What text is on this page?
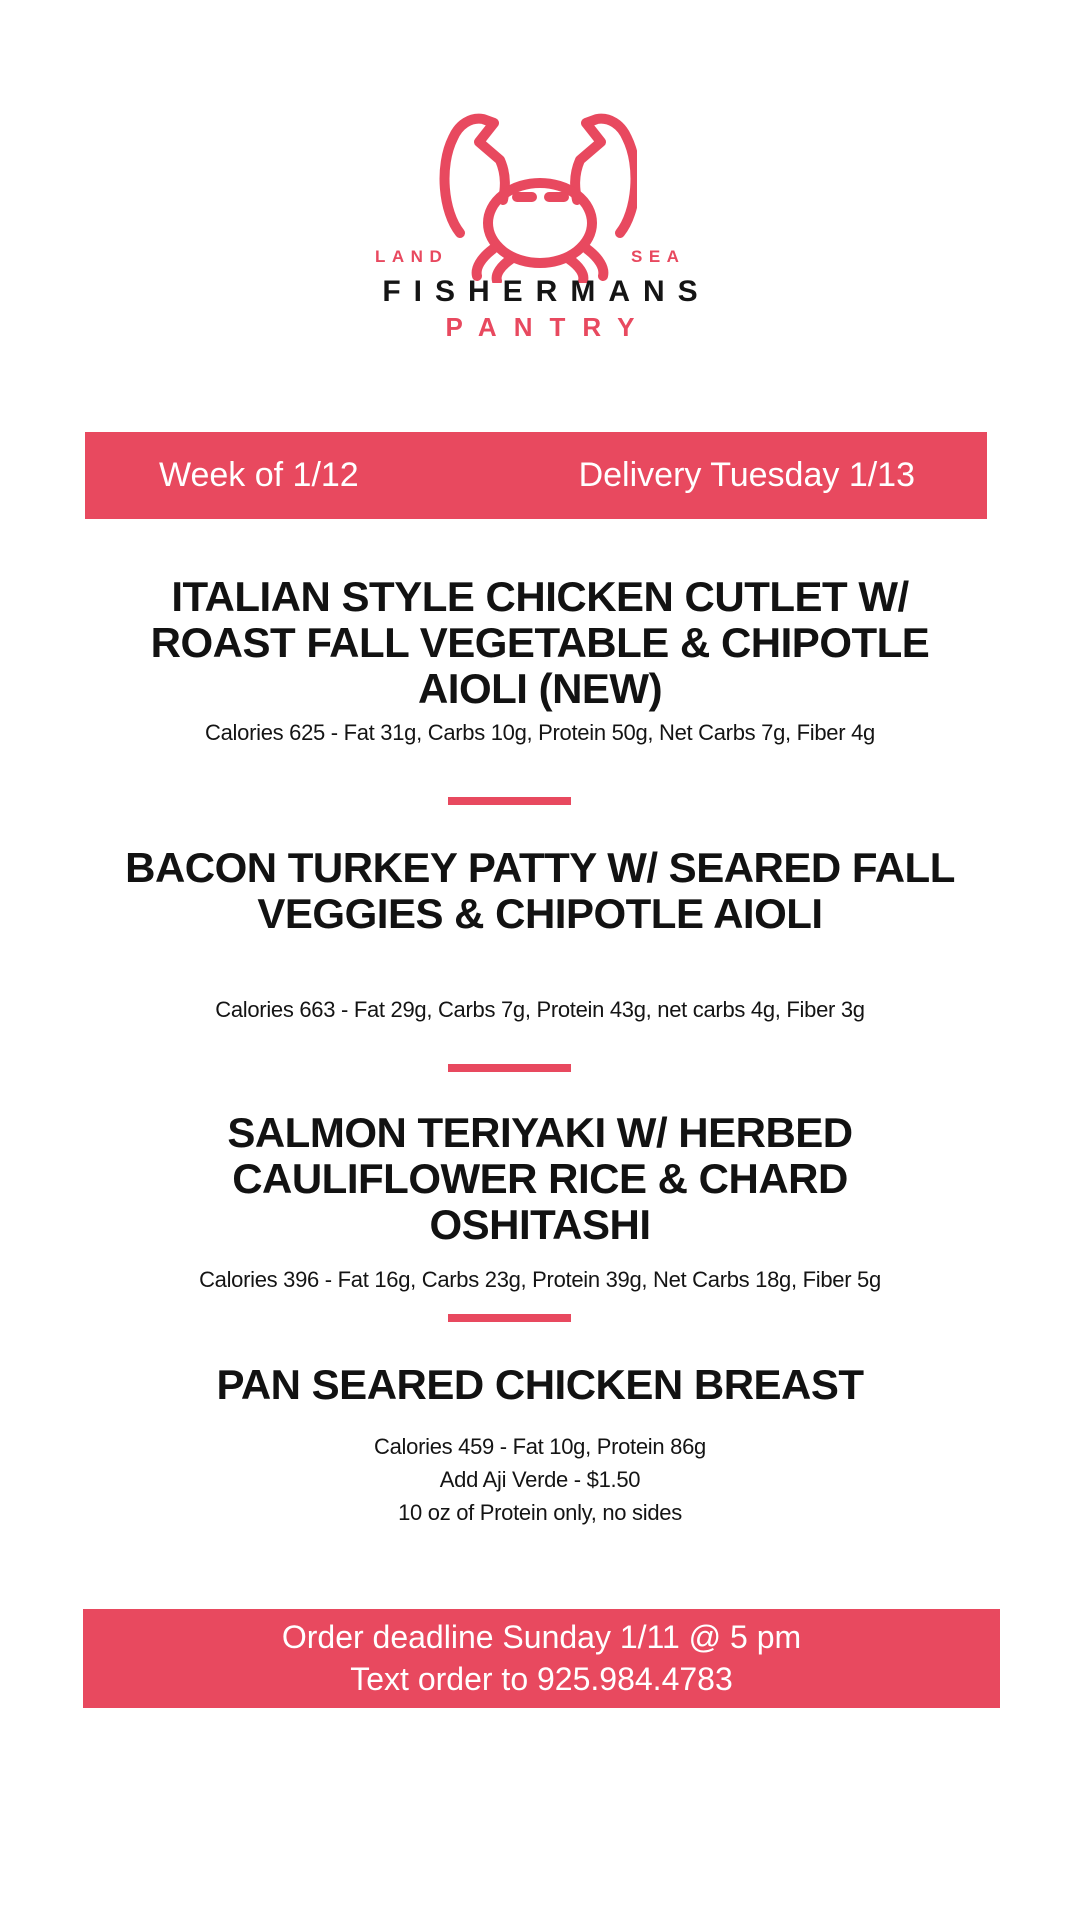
LAND	SEA
FISHERMANS
PANTRY
Week of 1/12	Delivery Tuesday 1/13
ITALIAN STYLE CHICKEN CUTLET W/
ROAST FALL VEGETABLE & CHIPOTLE
AIOLI (NEW)

Calories 625 - Fat 31g, Carbs 10g, Protein 50g, Net Carbs 7g, Fiber 4g

BACON TURKEY PATTY W/ SEARED FALL
VEGGIES & CHIPOTLE AIOLI

Calories 663 - Fat 29g, Carbs 7g, Protein 43g, net carbs 4g, Fiber 3g

SALMON TERIYAKI W/ HERBED
CAULIFLOWER RICE & CHARD
OSHITASHI

Calories 396 - Fat 16g, Carbs 23g, Protein 39g, Net Carbs 18g, Fiber 5g

PAN SEARED CHICKEN BREAST
Calories 459 - Fat 10g, Protein 86g
Add Aji Verde - $1.50
10 oz of Protein only, no sides
Order deadline Sunday 1/11 @ 5 pm
Text order to 925.984.4783
